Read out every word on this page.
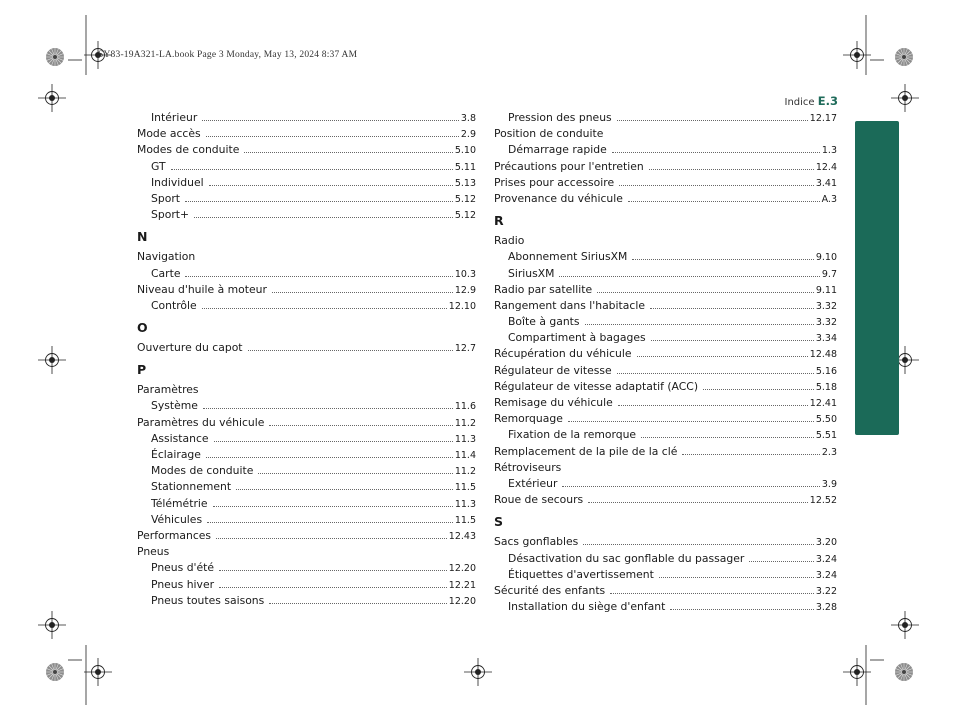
SY83-19A321-LA.book Page 3 Monday, May 13, 2024 8:37 AM
Indice E.3
Intérieur	3.8
Mode accès	2.9
Modes de conduite	5.10
GT	5.11
Individuel	5.13
Sport	5.12
Sport+	5.12
N
Navigation
Carte	10.3
Niveau d'huile à moteur	12.9
Contrôle	12.10
O
Ouverture du capot	12.7
P
Paramètres
Système	11.6
Paramètres du véhicule	11.2
Assistance	11.3
Éclairage	11.4
Modes de conduite	11.2
Stationnement	11.5
Télémétrie	11.3
Véhicules	11.5
Performances	12.43
Pneus
Pneus d'été	12.20
Pneus hiver	12.21
Pneus toutes saisons	12.20
Pression des pneus	12.17
Position de conduite
Démarrage rapide	1.3
Précautions pour l'entretien	12.4
Prises pour accessoire	3.41
Provenance du véhicule	A.3
R
Radio
Abonnement SiriusXM	9.10
SiriusXM	9.7
Radio par satellite	9.11
Rangement dans l'habitacle	3.32
Boîte à gants	3.32
Compartiment à bagages	3.34
Récupération du véhicule	12.48
Régulateur de vitesse	5.16
Régulateur de vitesse adaptatif (ACC)	5.18
Remisage du véhicule	12.41
Remorquage	5.50
Fixation de la remorque	5.51
Remplacement de la pile de la clé	2.3
Rétroviseurs
Extérieur	3.9
Roue de secours	12.52
S
Sacs gonflables	3.20
Désactivation du sac gonflable du passager	3.24
Étiquettes d'avertissement	3.24
Sécurité des enfants	3.22
Installation du siège d'enfant	3.28
